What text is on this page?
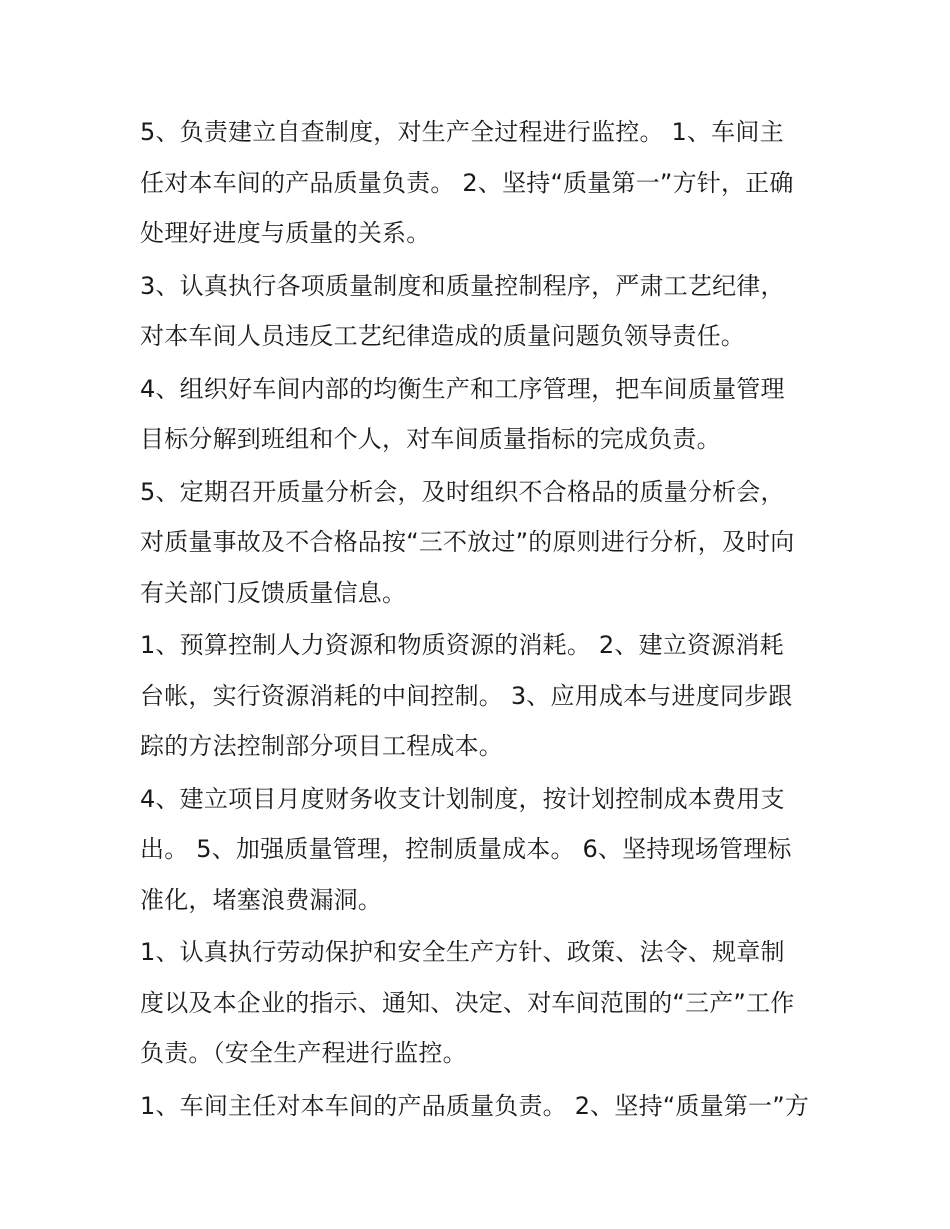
5、负责建立自查制度，对生产全过程进行监控。 1、车间主
任对本车间的产品质量负责。 2、坚持“质量第一”方针，正确
处理好进度与质量的关系。
3、认真执行各项质量制度和质量控制程序，严肃工艺纪律，
对本车间人员违反工艺纪律造成的质量问题负领导责任。
4、组织好车间内部的均衡生产和工序管理，把车间质量管理
目标分解到班组和个人，对车间质量指标的完成负责。
5、定期召开质量分析会，及时组织不合格品的质量分析会，
对质量事故及不合格品按“三不放过”的原则进行分析，及时向
有关部门反馈质量信息。
1、预算控制人力资源和物质资源的消耗。 2、建立资源消耗
台帐，实行资源消耗的中间控制。 3、应用成本与进度同步跟
踪的方法控制部分项目工程成本。
4、建立项目月度财务收支计划制度，按计划控制成本费用支
出。 5、加强质量管理，控制质量成本。 6、坚持现场管理标
准化，堵塞浪费漏洞。
1、认真执行劳动保护和安全生产方针、政策、法令、规章制
度以及本企业的指示、通知、决定、对车间范围的“三产”工作
负责。（安全生产程进行监控。
1、车间主任对本车间的产品质量负责。 2、坚持“质量第一”方
